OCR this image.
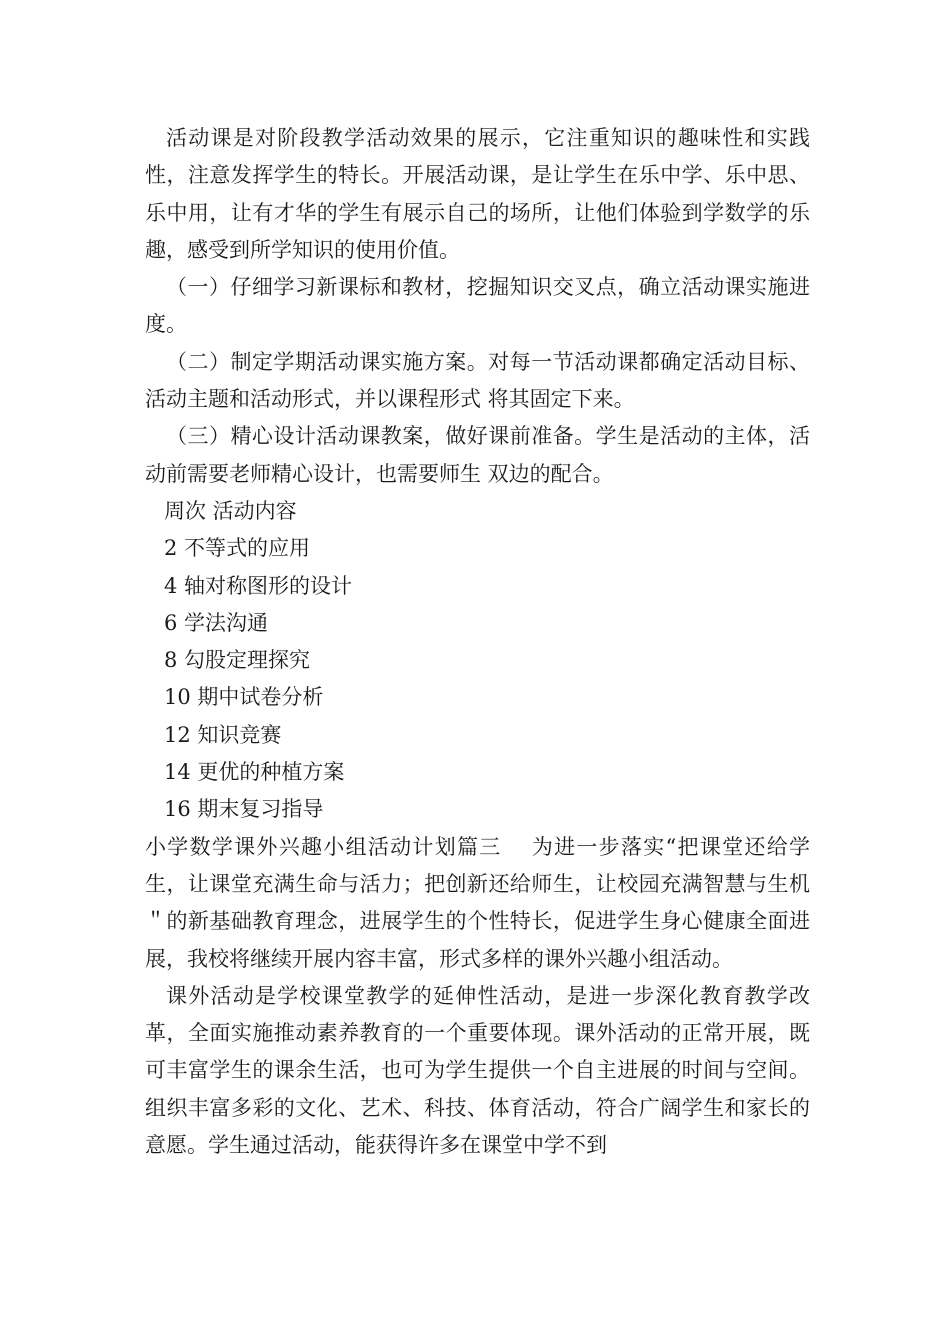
活动课是对阶段教学活动效果的展示，它注重知识的趣味性和实践性，注意发挥学生的特长。开展活动课，是让学生在乐中学、乐中思、乐中用，让有才华的学生有展示自己的场所，让他们体验到学数学的乐趣，感受到所学知识的使用价值。

（一）仔细学习新课标和教材，挖掘知识交叉点，确立活动课实施进度。

（二）制定学期活动课实施方案。对每一节活动课都确定活动目标、活动主题和活动形式，并以课程形式 将其固定下来。

（三）精心设计活动课教案，做好课前准备。学生是活动的主体，活动前需要老师精心设计，也需要师生 双边的配合。

周次 活动内容

2 不等式的应用

4 轴对称图形的设计

6 学法沟通

8 勾股定理探究

10 期中试卷分析

12 知识竞赛

14 更优的种植方案

16 期末复习指导

小学数学课外兴趣小组活动计划篇三　 为进一步落实“把课堂还给学生，让课堂充满生命与活力；把创新还给师生，让校园充满智慧与生机＂的新基础教育理念，进展学生的个性特长，促进学生身心健康全面进展，我校将继续开展内容丰富，形式多样的课外兴趣小组活动。

课外活动是学校课堂教学的延伸性活动，是进一步深化教育教学改革，全面实施推动素养教育的一个重要体现。课外活动的正常开展，既可丰富学生的课余生活，也可为学生提供一个自主进展的时间与空间。组织丰富多彩的文化、艺术、科技、体育活动，符合广阔学生和家长的意愿。学生通过活动，能获得许多在课堂中学不到
